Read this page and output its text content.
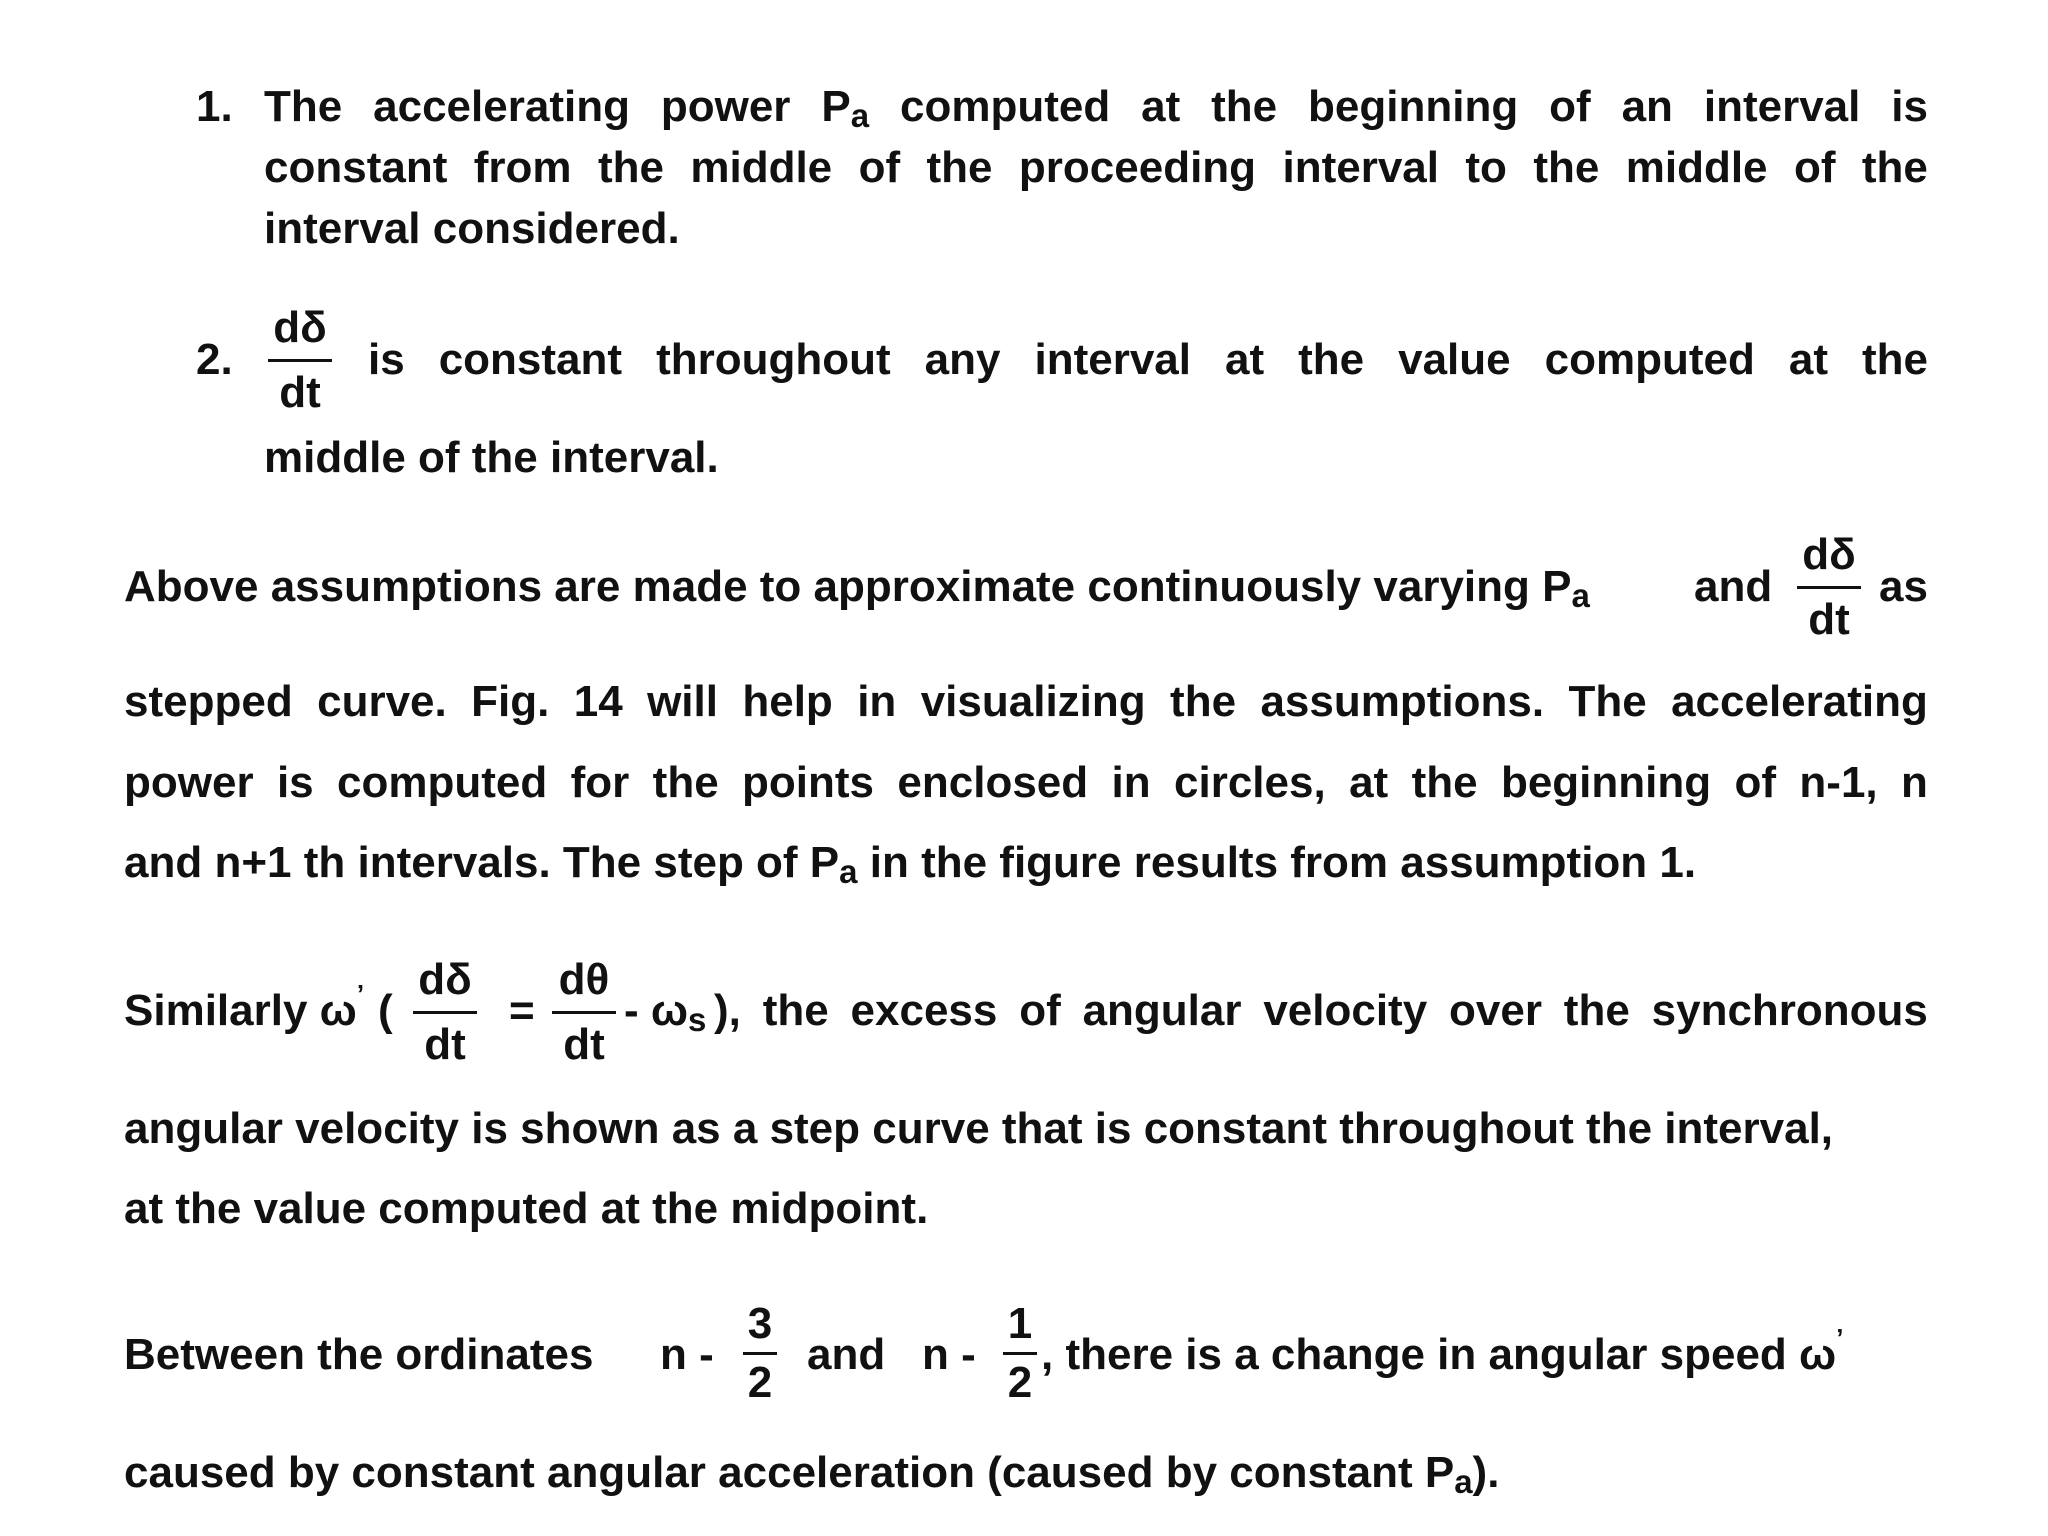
1. The accelerating power $P_a$ computed at the beginning of an interval is
constant from the middle of the proceeding interval to the middle of the
interval considered.
2.
dδ
dt
is constant throughout any interval at the value computed at the
middle of the interval.
Above assumptions are made to approximate continuously varying $P_a$ and
dδ
dt
as
stepped curve. Fig. 14 will help in visualizing the assumptions. The accelerating
power is computed for the points enclosed in circles, at the beginning of n-1, n
and n+1 th intervals. The step of $P_a$ in the figure results from assumption 1.
Similarly ω’ (
dδ
dt
=
dθ
dt
- $\omega_s$ ), the excess of angular velocity over the synchronous
angular velocity is shown as a step curve that is constant throughout the interval,
at the value computed at the midpoint.
Between the ordinates n -
3
2
and n -
1
2
, there is a change in angular speed ω’
caused by constant angular acceleration (caused by constant $P_a$).
